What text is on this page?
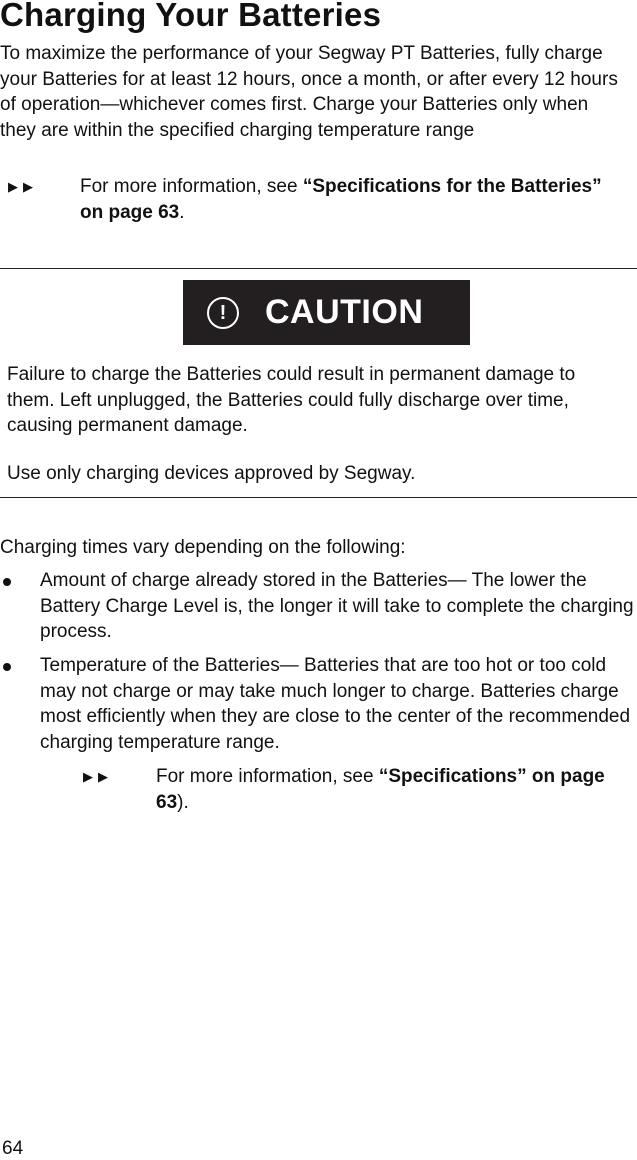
Charging Your Batteries
To maximize the performance of your Segway PT Batteries, fully charge your Batteries for at least 12 hours, once a month, or after every 12 hours of operation—whichever comes first. Charge your Batteries only when they are within the specified charging temperature range
▶▶ For more information, see “Specifications for the Batteries” on page 63.
!	CAUTION
Failure to charge the Batteries could result in permanent damage to them. Left unplugged, the Batteries could fully discharge over time, causing permanent damage.
Use only charging devices approved by Segway.
Charging times vary depending on the following:
Amount of charge already stored in the Batteries— The lower the Battery Charge Level is, the longer it will take to complete the charging process.
Temperature of the Batteries— Batteries that are too hot or too cold may not charge or may take much longer to charge. Batteries charge most efficiently when they are close to the center of the recommended charging temperature range.
▶▶ For more information, see “Specifications” on page 63).
64
